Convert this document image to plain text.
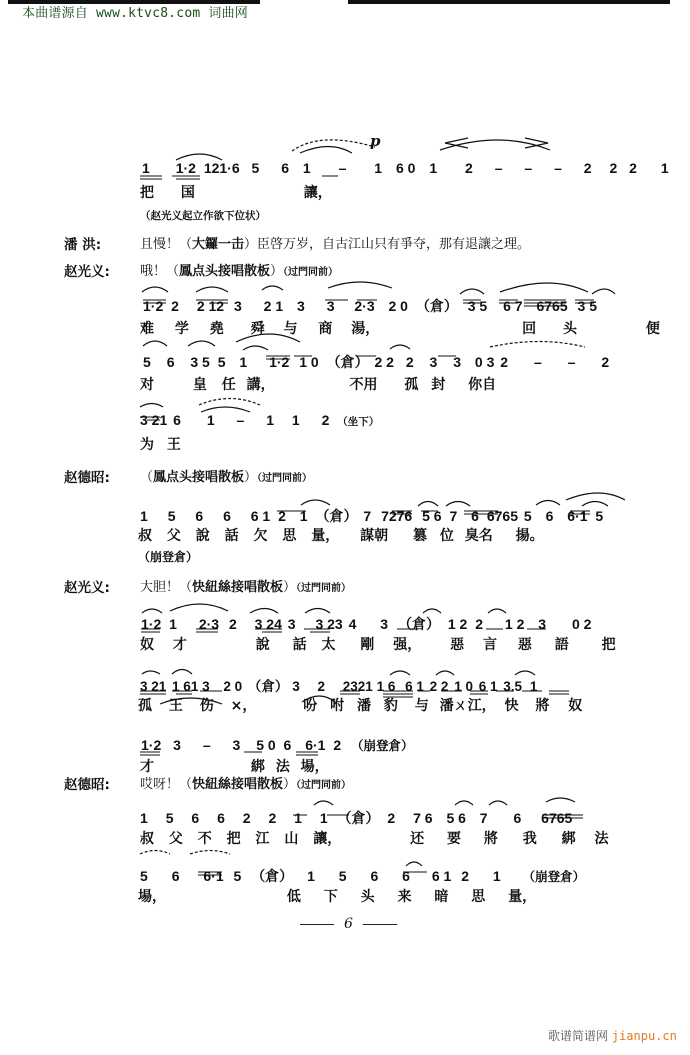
本曲谱源自 www.ktvc8.com 词曲网
p
1 1·2 121·6 5 6 1 – 1 6 0 1 2 – – – 2 2 2 1
把 国	讓，
（赵光义起立作欲下位状）
潘 洪:	且慢！（大鑼一击）臣啓万岁，自古江山只有爭夺，那有退讓之理。
赵光义: 哦！（鳳点头接唱散板）（过門同前）
1·2 2 2 12 3 2 1 3 3 2·3 2 0 （倉） 3 5 6 7 6765 3 5
难 学 堯 舜 与 商 湯，	回 头	便
5 6 3 5 5 1 1·2 1 0 （倉） 2 2 2 3 3 0 3 2 – – 2
对	皇 任 講，	不用 孤 封 你自
3 21 6 1 – 1 1 2 （坐下）
为 王
赵德昭: （鳳点头接唱散板）（过門同前）
1 5 6 6 6 1 2 1 （倉） 7 7276 5 6 7 6 6765 5 6 6·1 5
叔 父 說 話 欠 思 量， 謀朝 篡 位 臭名 揚。
（崩登倉）
赵光义: 大胆！（快紐絲接唱散板）（过門同前）
1·2 1 2·3 2 3 24 3 3 23 4 3 （倉） 1 2 2 1 2 3 0 2
奴 才	說 話 太 剛 强， 惡 言 惡 語 把
3 21 1 61 3 2 0 （倉） 3 2 2321 1 6 6 1 2 2 1 0 6 1 3.5 1
孤 王 伤 ×，	吩 咐 潘 豹 与 潘ㄨ江， 快 將 奴
1·2 3 – 3 5 0 6 6·1 2 （崩登倉）
才	綁 法 場，
赵德昭: 哎呀！（快紐絲接唱散板）（过門同前）
1 5 6 6 2 2 1 1 （倉） 2 7 6 5 6 7 6 6765
叔 父 不 把 江 山 讓，	还 要 將 我 綁 法
5 6 6·1 5 （倉） 1 5 6 6 6 1 2 1 （崩登倉）
場，	低 下 头 来 暗 思 量，
6
歌谱简谱网 jianpu.cn
